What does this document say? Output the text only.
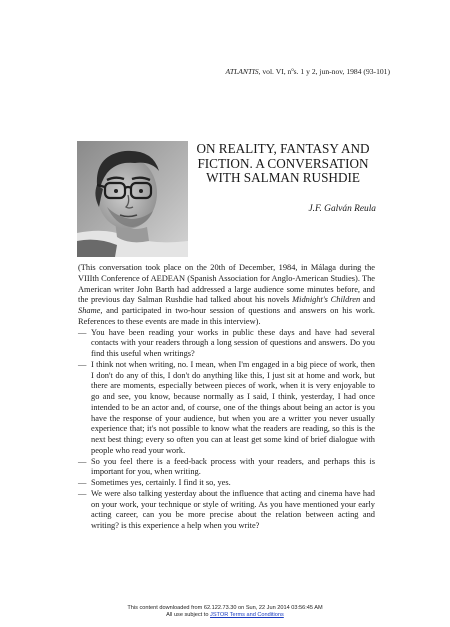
ATLANTIS, vol. VI, nºs. 1 y 2, jun-nov, 1984 (93-101)
ON REALITY, FANTASY AND
FICTION. A CONVERSATION
WITH SALMAN RUSHDIE
J.F. Galván Reula

(This conversation took place on the 20th of December, 1984, in Málaga during the VIIIth Conference of AEDEAN (Spanish Association for Anglo-American Studies). The American writer John Barth had addressed a large audience some minutes before, and the previous day Salman Rushdie had talked about his novels Midnight's Children and Shame, and participated in two-hour session of questions and answers on his work. References to these events are made in this interview).

— You have been reading your works in public these days and have had several contacts with your readers through a long session of questions and answers. Do you find this useful when writings?

— I think not when writing, no. I mean, when I'm engaged in a big piece of work, then I don't do any of this, I don't do anything like this, I just sit at home and work, but there are moments, especially between pieces of work, when it is very enjoyable to go and see, you know, because normally as I said, I think, yesterday, I had once intended to be an actor and, of course, one of the things about being an actor is you have the response of your audience, but when you are a writter you never usually experience that; it's not possible to know what the readers are reading, so this is the next best thing; every so often you can at least get some kind of brief dialogue with people who read your work.

— So you feel there is a feed-back process with your readers, and perhaps this is important for you, when writing.

— Sometimes yes, certainly. I find it so, yes.

— We were also talking yesterday about the influence that acting and cinema have had on your work, your technique or style of writing. As you have mentioned your early acting career, can you be more precise about the relation between acting and writing? is this experience a help when you write?

This content downloaded from 62.122.73.30 on Sun, 22 Jun 2014 03:56:45 AM
All use subject to JSTOR Terms and Conditions
